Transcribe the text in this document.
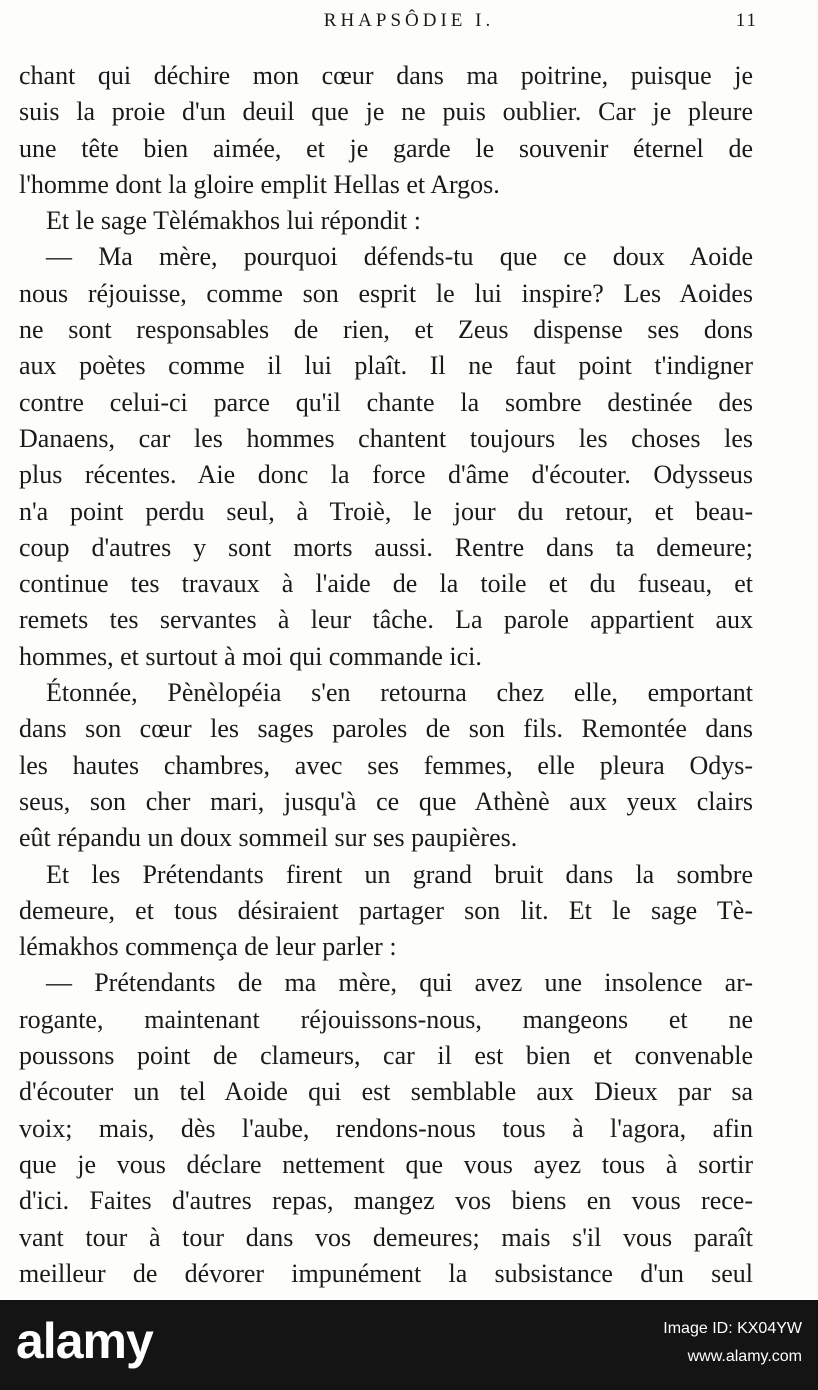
RHAPSÔDIE I.	11
chant qui déchire mon cœur dans ma poitrine, puisque je
suis la proie d'un deuil que je ne puis oublier. Car je pleure
une tête bien aimée, et je garde le souvenir éternel de
l'homme dont la gloire emplit Hellas et Argos.
Et le sage Tèlémakhos lui répondit :
— Ma mère, pourquoi défends-tu que ce doux Aoide
nous réjouisse, comme son esprit le lui inspire? Les Aoides
ne sont responsables de rien, et Zeus dispense ses dons
aux poètes comme il lui plaît. Il ne faut point t'indigner
contre celui-ci parce qu'il chante la sombre destinée des
Danaens, car les hommes chantent toujours les choses les
plus récentes. Aie donc la force d'âme d'écouter. Odysseus
n'a point perdu seul, à Troiè, le jour du retour, et beau-
coup d'autres y sont morts aussi. Rentre dans ta demeure;
continue tes travaux à l'aide de la toile et du fuseau, et
remets tes servantes à leur tâche. La parole appartient aux
hommes, et surtout à moi qui commande ici.
Étonnée, Pènèlopéia s'en retourna chez elle, emportant
dans son cœur les sages paroles de son fils. Remontée dans
les hautes chambres, avec ses femmes, elle pleura Odys-
seus, son cher mari, jusqu'à ce que Athènè aux yeux clairs
eût répandu un doux sommeil sur ses paupières.
Et les Prétendants firent un grand bruit dans la sombre
demeure, et tous désiraient partager son lit. Et le sage Tè-
lémakhos commença de leur parler :
— Prétendants de ma mère, qui avez une insolence ar-
rogante, maintenant réjouissons-nous, mangeons et ne
poussons point de clameurs, car il est bien et convenable
d'écouter un tel Aoide qui est semblable aux Dieux par sa
voix; mais, dès l'aube, rendons-nous tous à l'agora, afin
que je vous déclare nettement que vous ayez tous à sortir
d'ici. Faites d'autres repas, mangez vos biens en vous rece-
vant tour à tour dans vos demeures; mais s'il vous paraît
meilleur de dévorer impunément la subsistance d'un seul
alamy	Image ID: KX04YW
www.alamy.com
